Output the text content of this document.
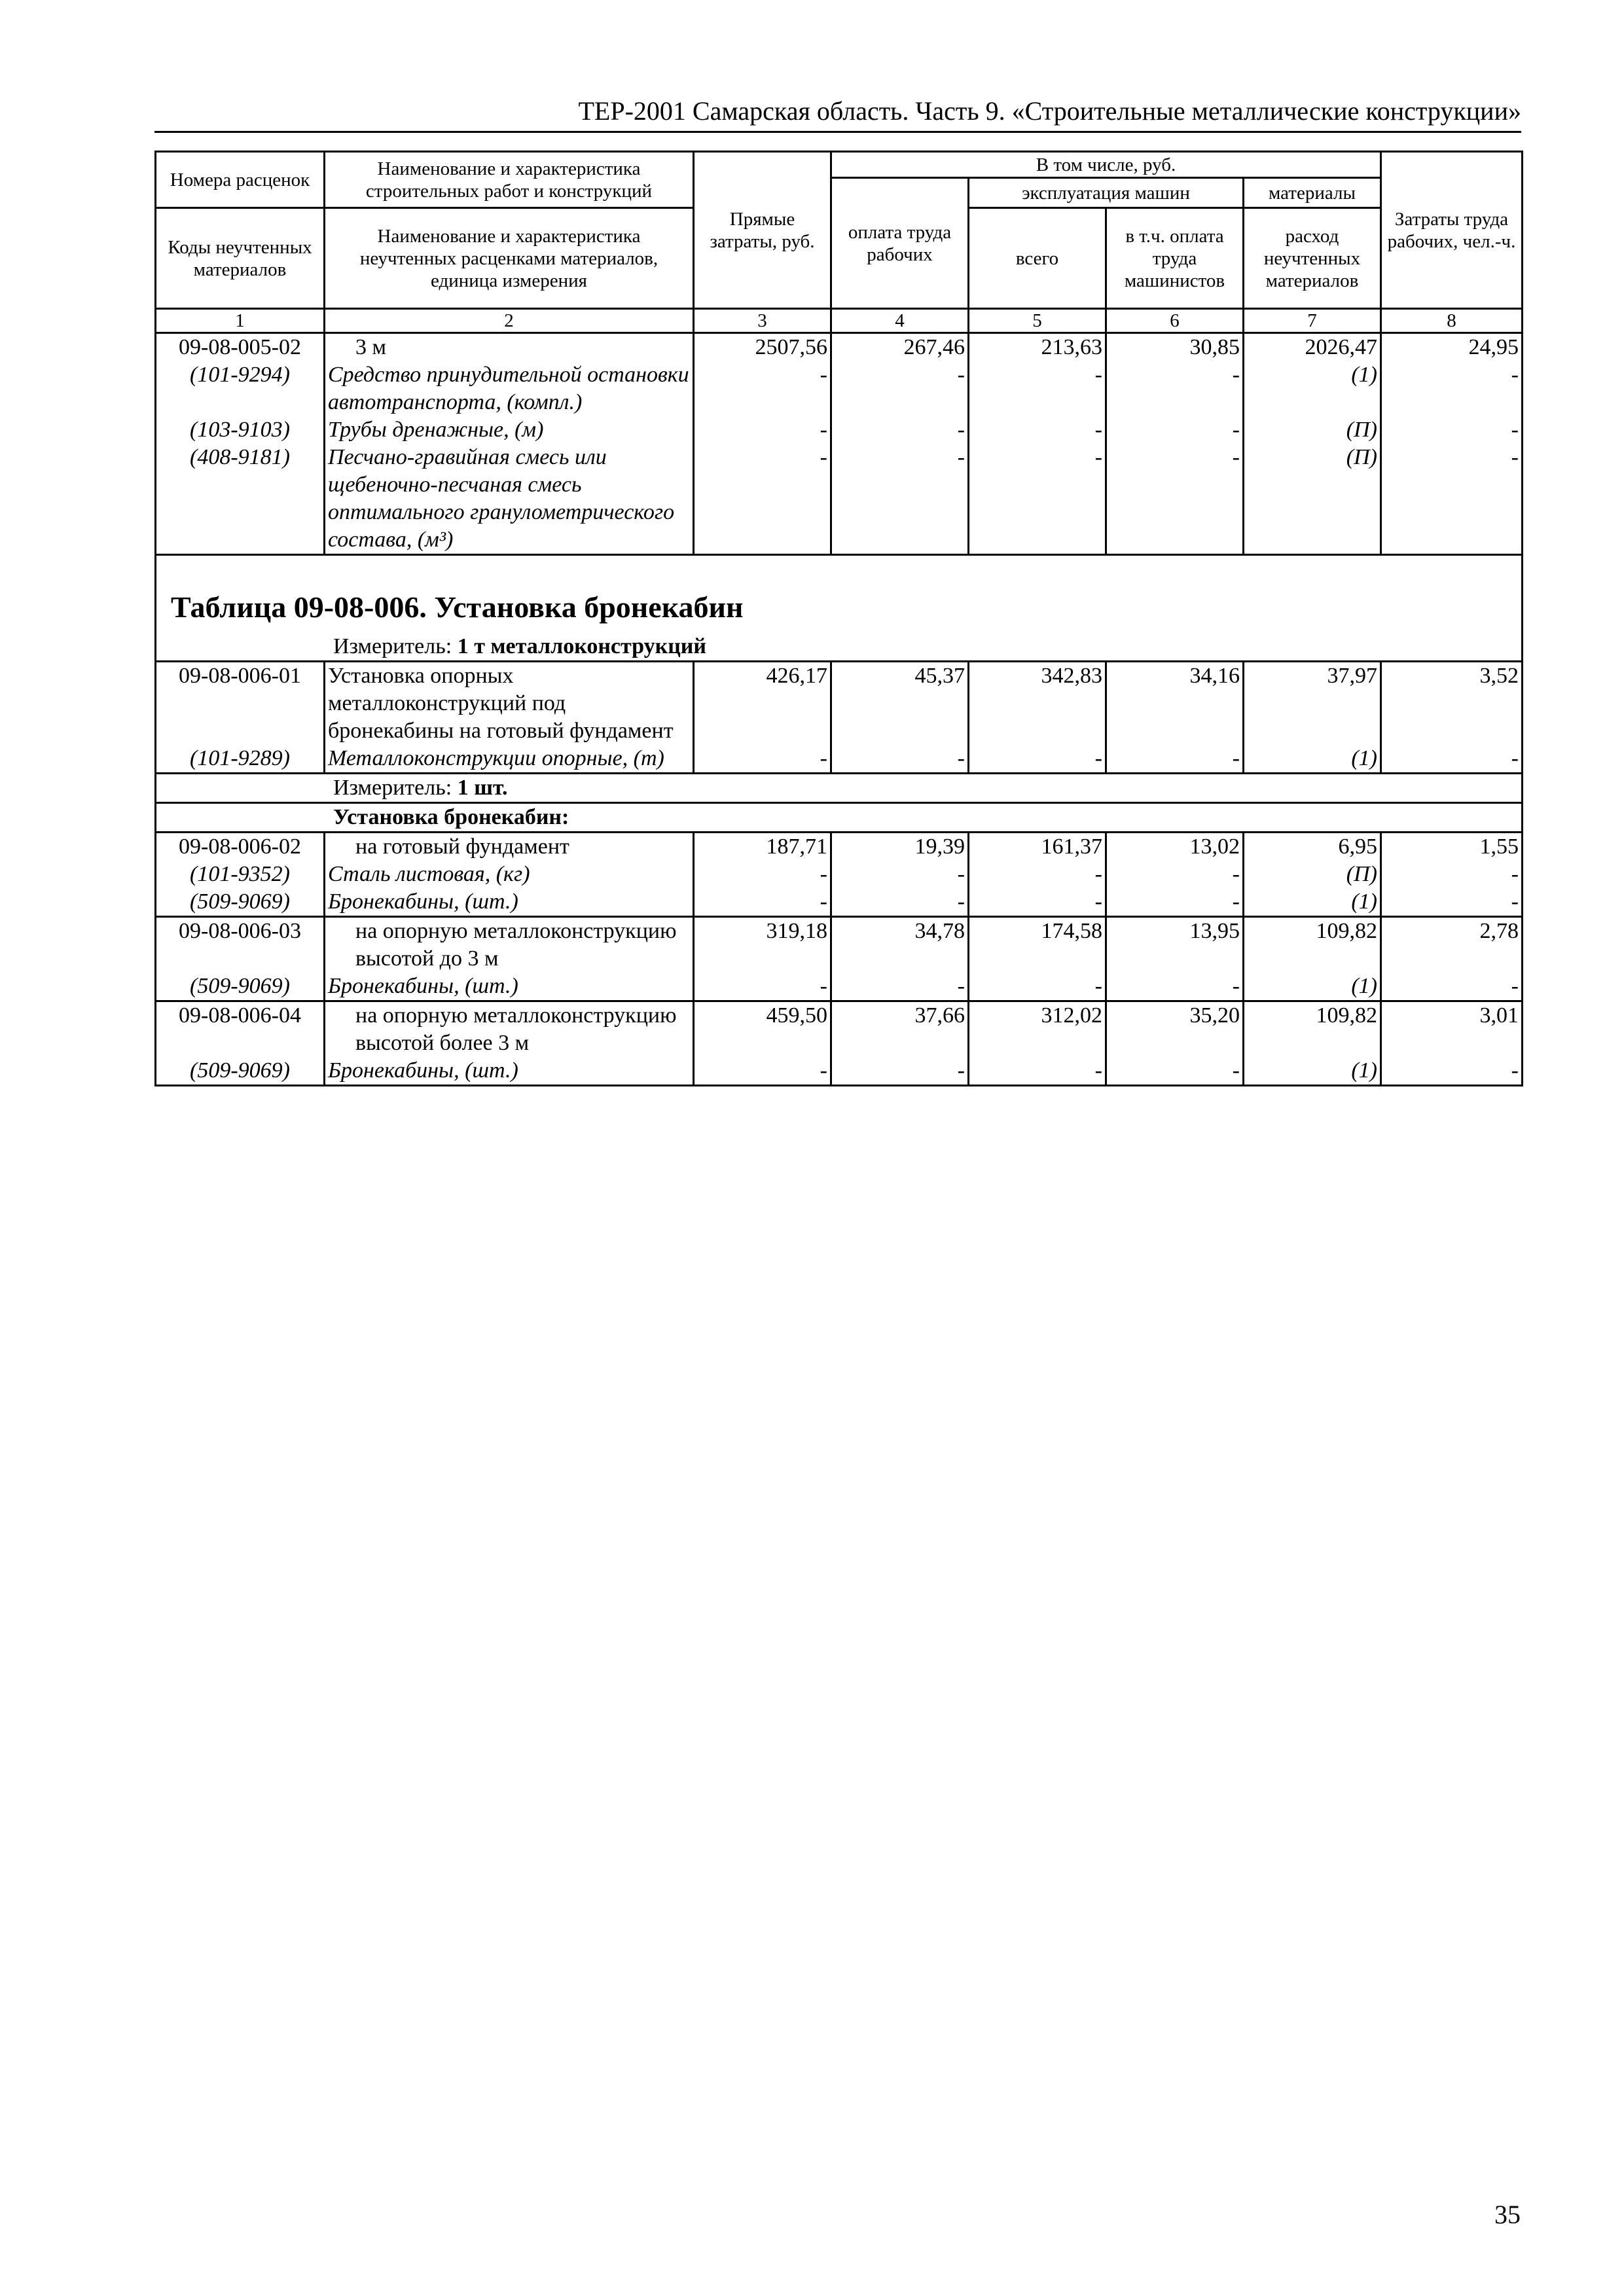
ТЕР-2001 Самарская область. Часть 9. «Строительные металлические конструкции»
Номера расценок	Наименование и характеристика строительных работ и конструкций	Прямые затраты, руб.	В том числе, руб.				Затраты труда рабочих, чел.-ч.
			оплата труда рабочих	эксплуатация машин		материалы	
Коды неучтенных материалов	Наименование и характеристика неучтенных расценками материалов, единица измерения			всего	в т.ч. оплата труда машинистов	расход неучтенных материалов	

1	2	3	4	5	6	7	8
09-08-005-02	3 м	2507,56	267,46	213,63	30,85	2026,47	24,95
(101-9294)	Средство принудительной остановки автотранспорта, (компл.)	-	-	-	-	(1)	-
(103-9103)	Трубы дренажные, (м)	-	-	-	-	(П)	-
(408-9181)	Песчано-гравийная смесь или щебеночно-песчаная смесь оптимального гранулометрического состава, (м³)	-	-	-	-	(П)	-

Таблица 09-08-006. Установка бронекабин
Измеритель: 1 т металлоконструкций							

09-08-006-01	Установка опорных металлоконструкций под бронекабины на готовый фундамент	426,17	45,37	342,83	34,16	37,97	3,52
(101-9289)	Металлоконструкции опорные, (т)	-	-	-	-	(1)	-
Измеритель: 1 шт.							
Установка бронекабин:							
09-08-006-02	на готовый фундамент	187,71	19,39	161,37	13,02	6,95	1,55
(101-9352)	Сталь листовая, (кг)	-	-	-	-	(П)	-
(509-9069)	Бронекабины, (шт.)	-	-	-	-	(1)	-
09-08-006-03	на опорную металлоконструкцию высотой до 3 м	319,18	34,78	174,58	13,95	109,82	2,78
(509-9069)	Бронекабины, (шт.)	-	-	-	-	(1)	-
09-08-006-04	на опорную металлоконструкцию высотой более 3 м	459,50	37,66	312,02	35,20	109,82	3,01
(509-9069)	Бронекабины, (шт.)	-	-	-	-	(1)	-
35
